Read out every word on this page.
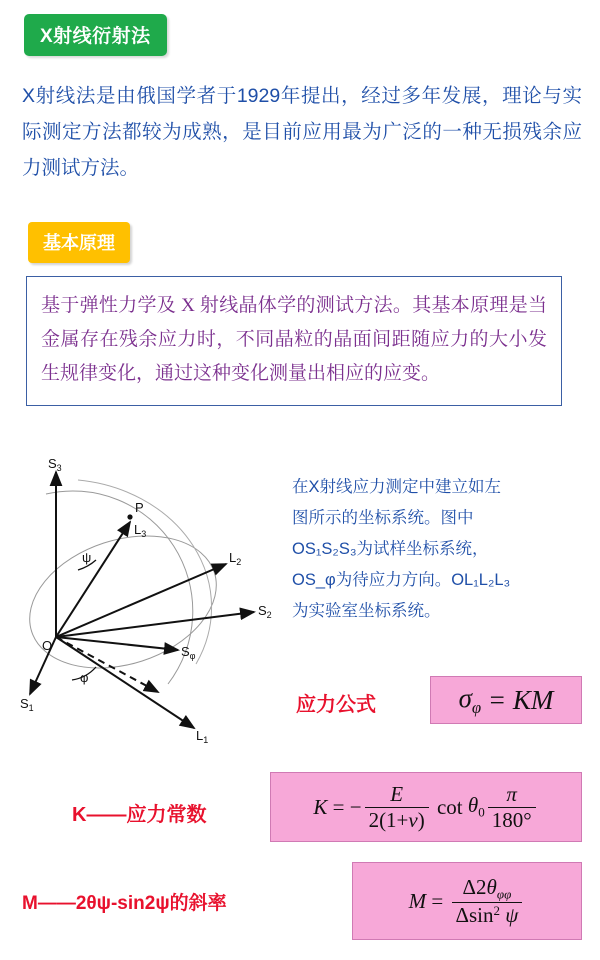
X射线衍射法
X射线法是由俄国学者于1929年提出，经过多年发展，理论与实际测定方法都较为成熟，是目前应用最为广泛的一种无损残余应力测试方法。
基本原理
基于弹性力学及 X 射线晶体学的测试方法。其基本原理是当金属存在残余应力时，不同晶粒的晶面间距随应力的大小发生规律变化，通过这种变化测量出相应的应变。
O
$S_3$
$S_2$
$S_1$
$S_\varphi$
P
$L_3$
$L_2$
$L_1$
ψ
φ
在X射线应力测定中建立如左
图所示的坐标系统。图中
OS₁S₂S₃为试样坐标系统，
OS_φ为待应力方向。OL₁L₂L₃
为实验室坐标系统。
应力公式	$\sigma_\varphi$ = KM
K——应力常数	K = − $\frac{E}{2(1+\nu)}$ $\cot \theta_0 \frac{\pi}{180^\circ}$
M——2θψ-sin2ψ的斜率	$M = \frac{\Delta 2\theta_{\varphi\varphi}}{\Delta\sin^2 \psi}$
